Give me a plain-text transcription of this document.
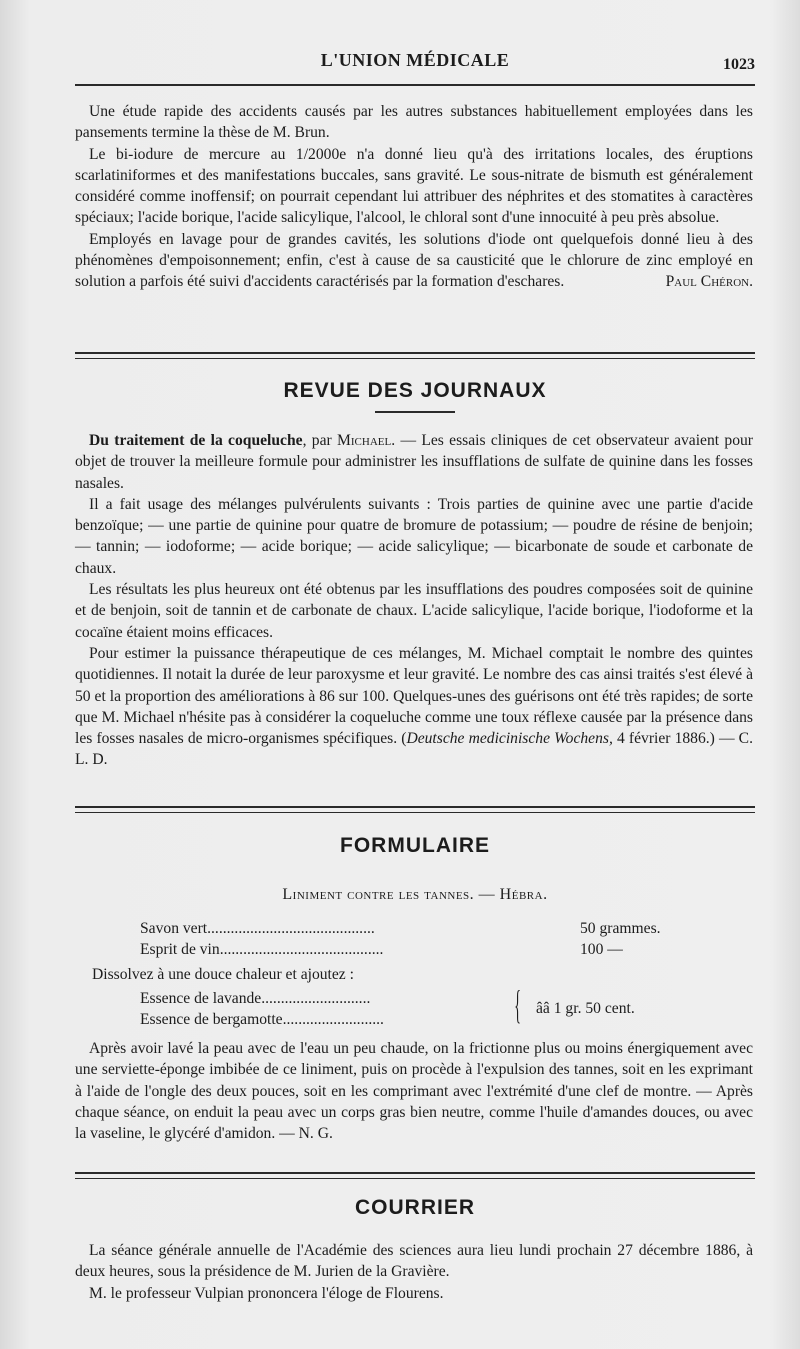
L'UNION MÉDICALE	1023

Une étude rapide des accidents causés par les autres substances habituellement employées dans les pansements termine la thèse de M. Brun.

Le bi-iodure de mercure au 1/2000e n'a donné lieu qu'à des irritations locales, des éruptions scarlatiniformes et des manifestations buccales, sans gravité. Le sous-nitrate de bismuth est généralement considéré comme inoffensif; on pourrait cependant lui attribuer des néphrites et des stomatites à caractères spéciaux; l'acide borique, l'acide salicylique, l'alcool, le chloral sont d'une innocuité à peu près absolue.

Employés en lavage pour de grandes cavités, les solutions d'iode ont quelquefois donné lieu à des phénomènes d'empoisonnement; enfin, c'est à cause de sa causticité que le chlorure de zinc employé en solution a parfois été suivi d'accidents caractérisés par la formation d'eschares.	Paul Chéron.

REVUE DES JOURNAUX

Du traitement de la coqueluche, par Michael. — Les essais cliniques de cet observateur avaient pour objet de trouver la meilleure formule pour administrer les insufflations de sulfate de quinine dans les fosses nasales.

Il a fait usage des mélanges pulvérulents suivants : Trois parties de quinine avec une partie d'acide benzoïque; — une partie de quinine pour quatre de bromure de potassium; — poudre de résine de benjoin; — tannin; — iodoforme; — acide borique; — acide salicylique; — bicarbonate de soude et carbonate de chaux.

Les résultats les plus heureux ont été obtenus par les insufflations des poudres composées soit de quinine et de benjoin, soit de tannin et de carbonate de chaux. L'acide salicylique, l'acide borique, l'iodoforme et la cocaïne étaient moins efficaces.

Pour estimer la puissance thérapeutique de ces mélanges, M. Michael comptait le nombre des quintes quotidiennes. Il notait la durée de leur paroxysme et leur gravité. Le nombre des cas ainsi traités s'est élevé à 50 et la proportion des améliorations à 86 sur 100. Quelques-unes des guérisons ont été très rapides; de sorte que M. Michael n'hésite pas à considérer la coqueluche comme une toux réflexe causée par la présence dans les fosses nasales de micro-organismes spécifiques. (Deutsche medicinische Wochens, 4 février 1886.) — C. L. D.

FORMULAIRE
Liniment contre les tannes. — Hébra.
Savon vert...........................................	50 grammes.
Esprit de vin..........................................	100 —
Dissolvez à une douce chaleur et ajoutez :
Essence de lavande............................
Essence de bergamotte..........................	{ ââ 1 gr. 50 cent.

Après avoir lavé la peau avec de l'eau un peu chaude, on la frictionne plus ou moins énergiquement avec une serviette-éponge imbibée de ce liniment, puis on procède à l'expulsion des tannes, soit en les exprimant à l'aide de l'ongle des deux pouces, soit en les comprimant avec l'extrémité d'une clef de montre. — Après chaque séance, on enduit la peau avec un corps gras bien neutre, comme l'huile d'amandes douces, ou avec la vaseline, le glycéré d'amidon. — N. G.

COURRIER

La séance générale annuelle de l'Académie des sciences aura lieu lundi prochain 27 décembre 1886, à deux heures, sous la présidence de M. Jurien de la Gravière.

M. le professeur Vulpian prononcera l'éloge de Flourens.
